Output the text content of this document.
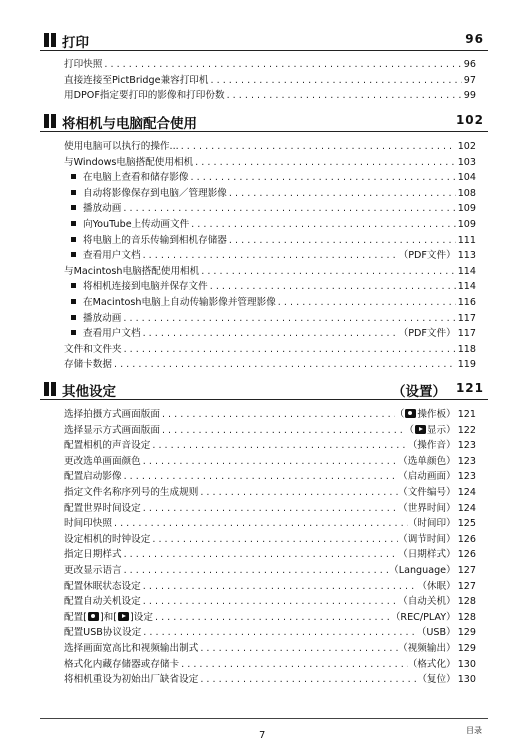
打印	96
打印快照 . . .	96
直接连接至PictBridge兼容打印机 . . .	97
用DPOF指定要打印的影像和打印份数 . . .	99
将相机与电脑配合使用	102
使用电脑可以执行的操作... . . .	102
与Windows电脑搭配使用相机 . . .	103
在电脑上查看和储存影像 . . .	104
自动将影像保存到电脑／管理影像 . . .	108
播放动画 . . .	109
向YouTube上传动画文件 . . .	109
将电脑上的音乐传输到相机存储器 . . .	111
查看用户文档 . . .	（PDF文件） 113
与Macintosh电脑搭配使用相机 . . .	114
将相机连接到电脑并保存文件 . . .	114
在Macintosh电脑上自动传输影像并管理影像 . . .	116
播放动画 . . .	117
查看用户文档 . . .	（PDF文件） 117
文件和文件夹 . . .	118
存储卡数据 . . .	119
其他设定	（设置） 121
选择拍摄方式画面版面 . . .	（ 操作板） 121
选择显示方式画面版面 . . .	（ 显示） 122
配置相机的声音设定 . . .	（操作音） 123
更改选单画面颜色 . . .	（选单颜色） 123
配置启动影像 . . .	（启动画面） 123
指定文件名称序列号的生成规则 . . .	（文件编号） 124
配置世界时间设定 . . .	（世界时间） 124
时间印快照 . . .	（时间印） 125
设定相机的时钟设定 . . .	（调节时间） 126
指定日期样式 . . .	（日期样式） 126
更改显示语言 . . .	（Language） 127
配置休眠状态设定 . . .	（休眠） 127
配置自动关机设定 . . .	（自动关机） 128
配置[ ]和[ ]设定 . . .	（REC/PLAY） 128
配置USB协议设定 . . .	（USB） 129
选择画面宽高比和视频输出制式 . . .	（视频输出） 129
格式化内藏存储器或存储卡 . . .	（格式化） 130
将相机重设为初始出厂缺省设定 . . .	（复位） 130
7	目录
